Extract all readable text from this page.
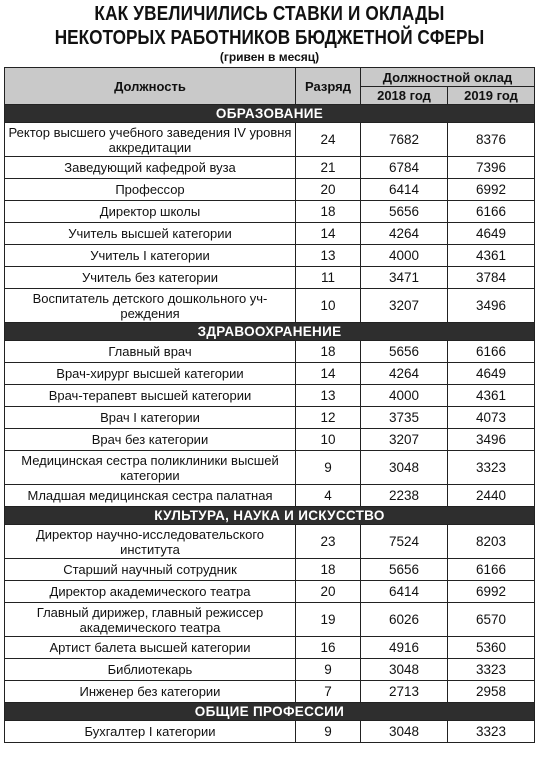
КАК УВЕЛИЧИЛИСЬ СТАВКИ И ОКЛАДЫ
НЕКОТОРЫХ РАБОТНИКОВ БЮДЖЕТНОЙ СФЕРЫ
(гривен в месяц)
Должность	Разряд	Должностной оклад	
		2018 год	2019 год
ОБРАЗОВАНИЕ			
Ректор высшего учебного заведения IV уровня аккредитации	24	7682	8376
Заведующий кафедрой вуза	21	6784	7396
Профессор	20	6414	6992
Директор школы	18	5656	6166
Учитель высшей категории	14	4264	4649
Учитель I категории	13	4000	4361
Учитель без категории	11	3471	3784
Воспитатель детского дошкольного уч-реждения	10	3207	3496
ЗДРАВООХРАНЕНИЕ			
Главный врач	18	5656	6166
Врач-хирург высшей категории	14	4264	4649
Врач-терапевт высшей категории	13	4000	4361
Врач I категории	12	3735	4073
Врач без категории	10	3207	3496
Медицинская сестра поликлиники высшей категории	9	3048	3323
Младшая медицинская сестра палатная	4	2238	2440
КУЛЬТУРА, НАУКА И ИСКУССТВО			
Директор научно-исследовательского института	23	7524	8203
Старший научный сотрудник	18	5656	6166
Директор академического театра	20	6414	6992
Главный дирижер, главный режиссер академического театра	19	6026	6570
Артист балета высшей категории	16	4916	5360
Библиотекарь	9	3048	3323
Инженер без категории	7	2713	2958
ОБЩИЕ ПРОФЕССИИ			
Бухгалтер I категории	9	3048	3323
